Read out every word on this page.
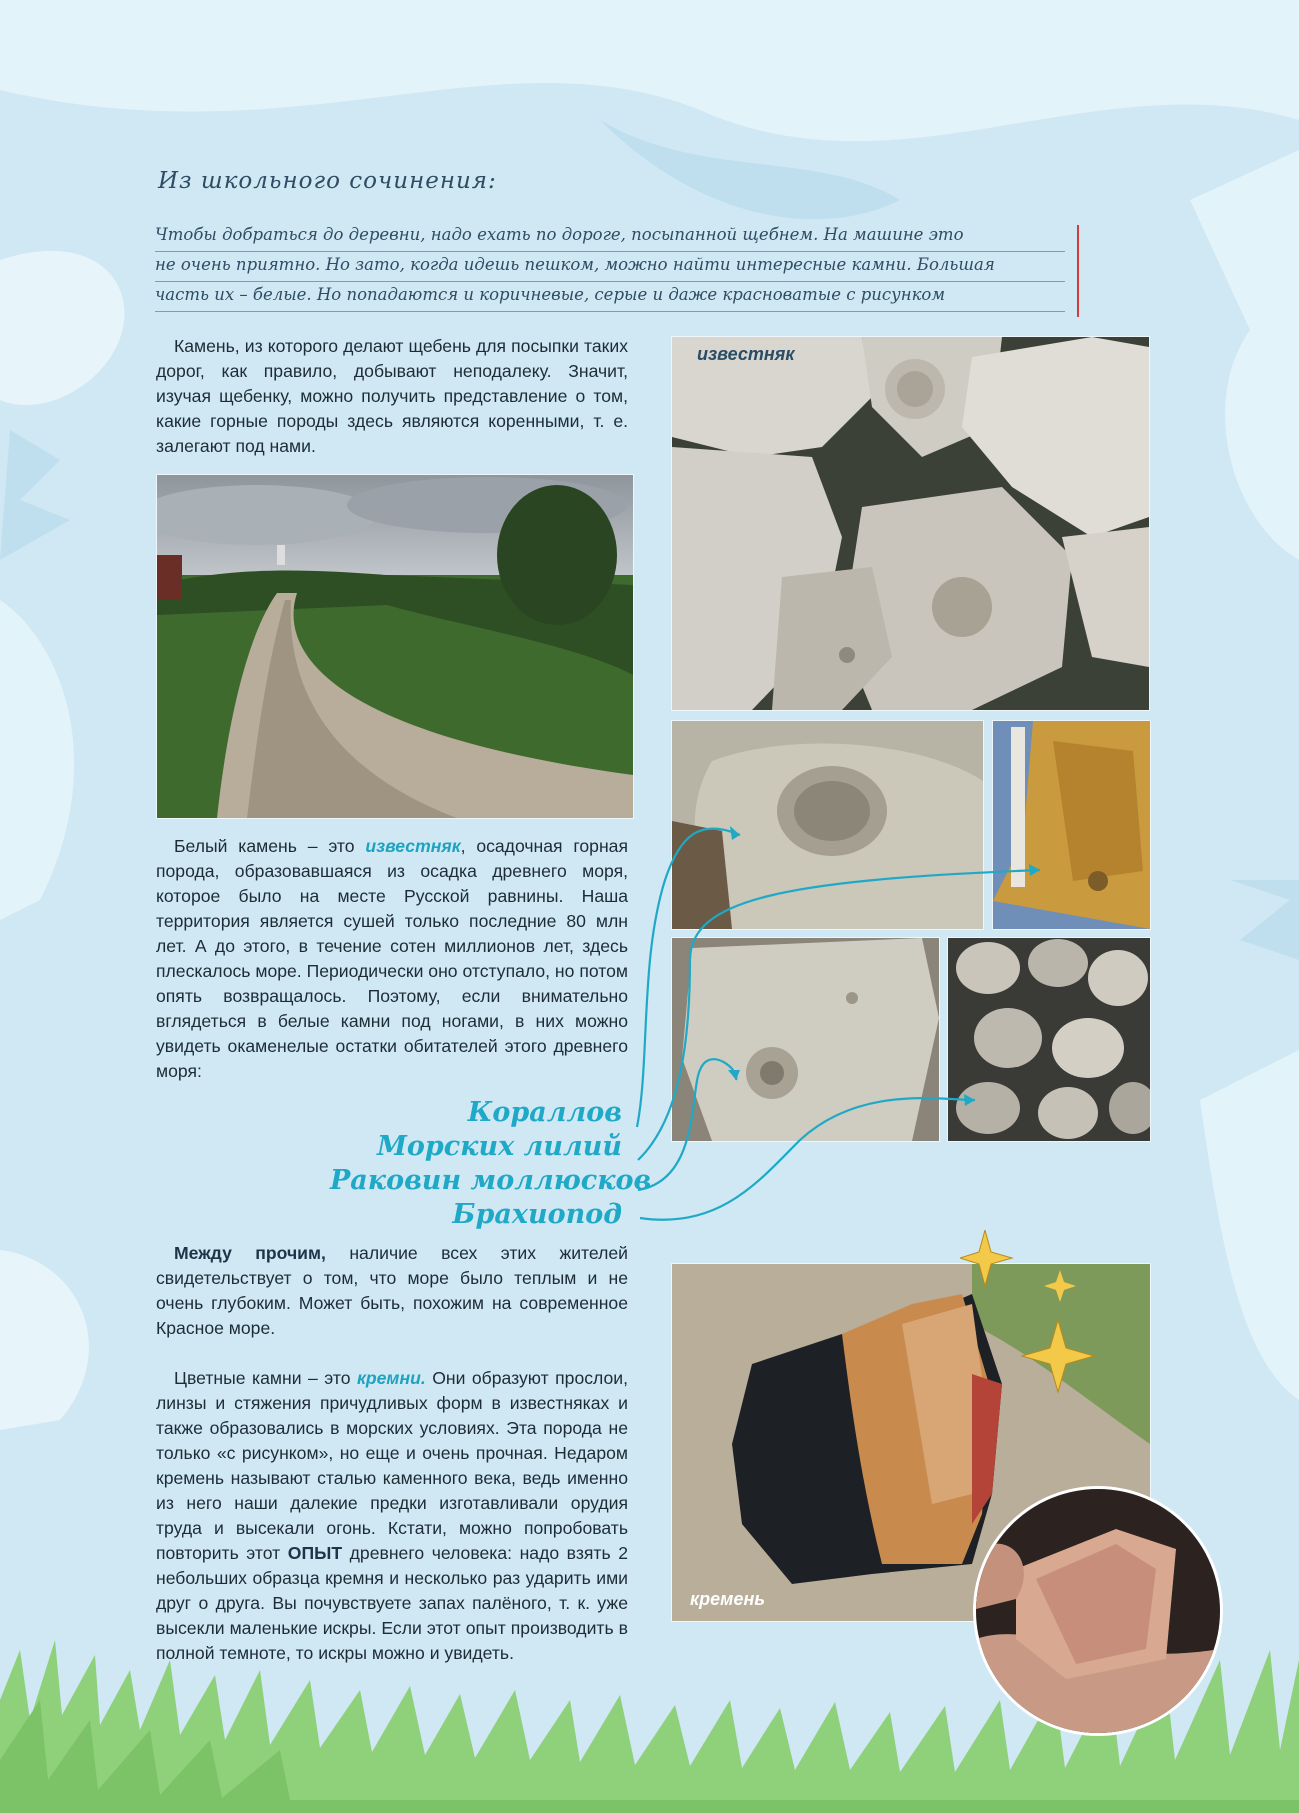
Из школьного сочинения:
Чтобы добраться до деревни, надо ехать по дороге, посыпанной щебнем. На машине это
не очень приятно. Но зато, когда идешь пешком, можно найти интересные камни. Большая
часть их – белые. Но попадаются и коричневые, серые и даже красноватые с рисунком

Камень, из которого делают щебень для посыпки таких дорог, как правило, добывают неподалеку. Значит, изучая щебенку, можно получить представление о том, какие горные породы здесь являются коренными, т. е. залегают под нами.

Белый камень – это известняк, осадочная горная порода, образовавшаяся из осадка древнего моря, которое было на месте Русской равнины. Наша территория является сушей только последние 80 млн лет. А до этого, в течение сотен миллионов лет, здесь плескалось море. Периодически оно отступало, но потом опять возвращалось. Поэтому, если внимательно вглядеться в белые камни под ногами, в них можно увидеть окаменелые остатки обитателей этого древнего моря:

Кораллов
Морских лилий
Раковин моллюсков
Брахиопод

Между прочим, наличие всех этих жителей свидетельствует о том, что море было теплым и не очень глубоким. Может быть, похожим на современное Красное море.

Цветные камни – это кремни. Они образуют прослои, линзы и стяжения причудливых форм в известняках и также образовались в морских условиях. Эта порода не только «с рисунком», но еще и очень прочная. Недаром кремень называют сталью каменного века, ведь именно из него наши далекие предки изготавливали орудия труда и высекали огонь. Кстати, можно попробовать повторить этот ОПЫТ древнего человека: надо взять 2 небольших образца кремня и несколько раз ударить ими друг о друга. Вы почувствуете запах палёного, т. к. уже высекли маленькие искры. Если этот опыт производить в полной темноте, то искры можно и увидеть.

известняк
кремень
